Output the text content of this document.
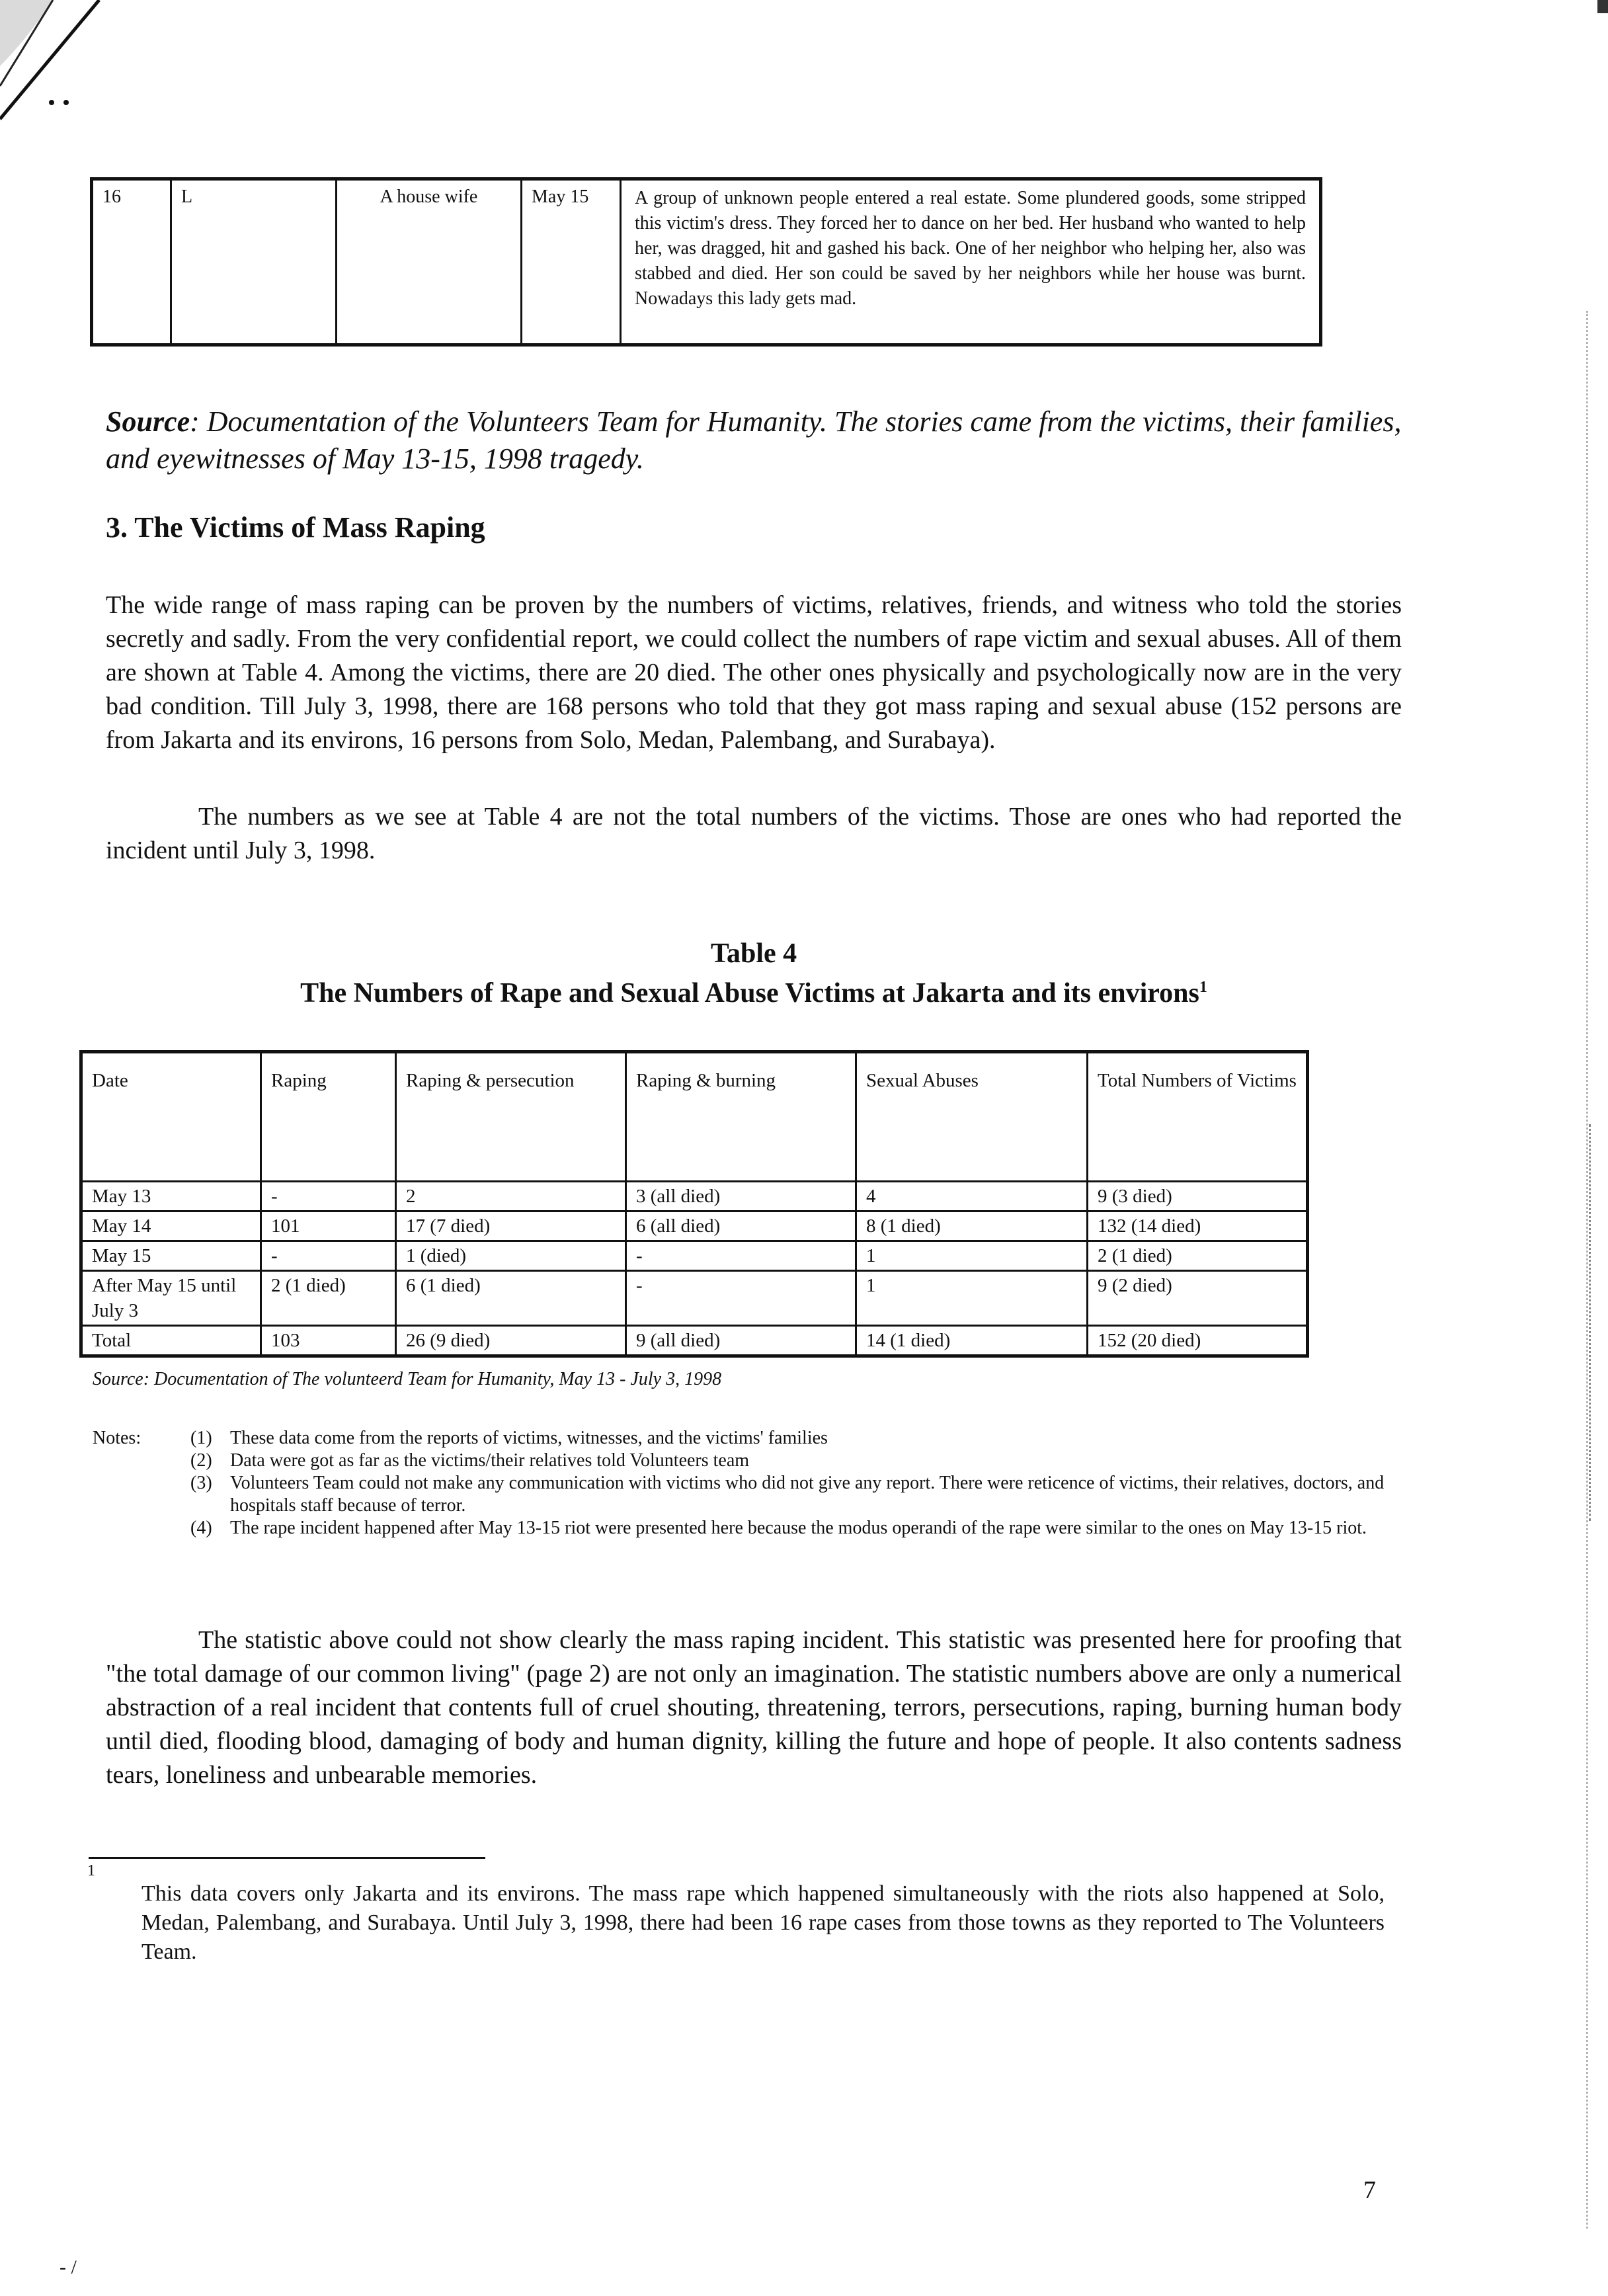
16	L	A house wife	May 15	A group of unknown people entered a real estate. Some plundered goods, some stripped this victim's dress. They forced her to dance on her bed. Her husband who wanted to help her, was dragged, hit and gashed his back. One of her neighbor who helping her, also was stabbed and died. Her son could be saved by her neighbors while her house was burnt. Nowadays this lady gets mad.

Source: Documentation of the Volunteers Team for Humanity. The stories came from the victims, their families, and eyewitnesses of May 13-15, 1998 tragedy.

3. The Victims of Mass Raping

The wide range of mass raping can be proven by the numbers of victims, relatives, friends, and witness who told the stories secretly and sadly. From the very confidential report, we could collect the numbers of rape victim and sexual abuses. All of them are shown at Table 4. Among the victims, there are 20 died. The other ones physically and psychologically now are in the very bad condition. Till July 3, 1998, there are 168 persons who told that they got mass raping and sexual abuse (152 persons are from Jakarta and its environs, 16 persons from Solo, Medan, Palembang, and Surabaya).

The numbers as we see at Table 4 are not the total numbers of the victims. Those are ones who had reported the incident until July 3, 1998.

Table 4
The Numbers of Rape and Sexual Abuse Victims at Jakarta and its environs$^1$
Date	Raping	Raping & persecution	Raping & burning	Sexual Abuses	Total Numbers of Victims
May 13	-	2	3 (all died)	4	9 (3 died)
May 14	101	17 (7 died)	6 (all died)	8 (1 died)	132 (14 died)
May 15	-	1 (died)	-	1	2 (1 died)
After May 15 until July 3	2 (1 died)	6 (1 died)	-	1	9 (2 died)
Total	103	26 (9 died)	9 (all died)	14 (1 died)	152 (20 died)
Source: Documentation of The volunteerd Team for Humanity, May 13 - July 3, 1998
Notes:	(1) These data come from the reports of victims, witnesses, and the victims' families
(2) Data were got as far as the victims/their relatives told Volunteers team
(3) Volunteers Team could not make any communication with victims who did not give any report. There were reticence of victims, their relatives, doctors, and hospitals staff because of terror.
(4) The rape incident happened after May 13-15 riot were presented here because the modus operandi of the rape were similar to the ones on May 13-15 riot.

The statistic above could not show clearly the mass raping incident. This statistic was presented here for proofing that "the total damage of our common living" (page 2) are not only an imagination. The statistic numbers above are only a numerical abstraction of a real incident that contents full of cruel shouting, threatening, terrors, persecutions, raping, burning human body until died, flooding blood, damaging of body and human dignity, killing the future and hope of people. It also contents sadness tears, loneliness and unbearable memories.

1

This data covers only Jakarta and its environs. The mass rape which happened simultaneously with the riots also happened at Solo, Medan, Palembang, and Surabaya. Until July 3, 1998, there had been 16 rape cases from those towns as they reported to The Volunteers Team.

7
- /
